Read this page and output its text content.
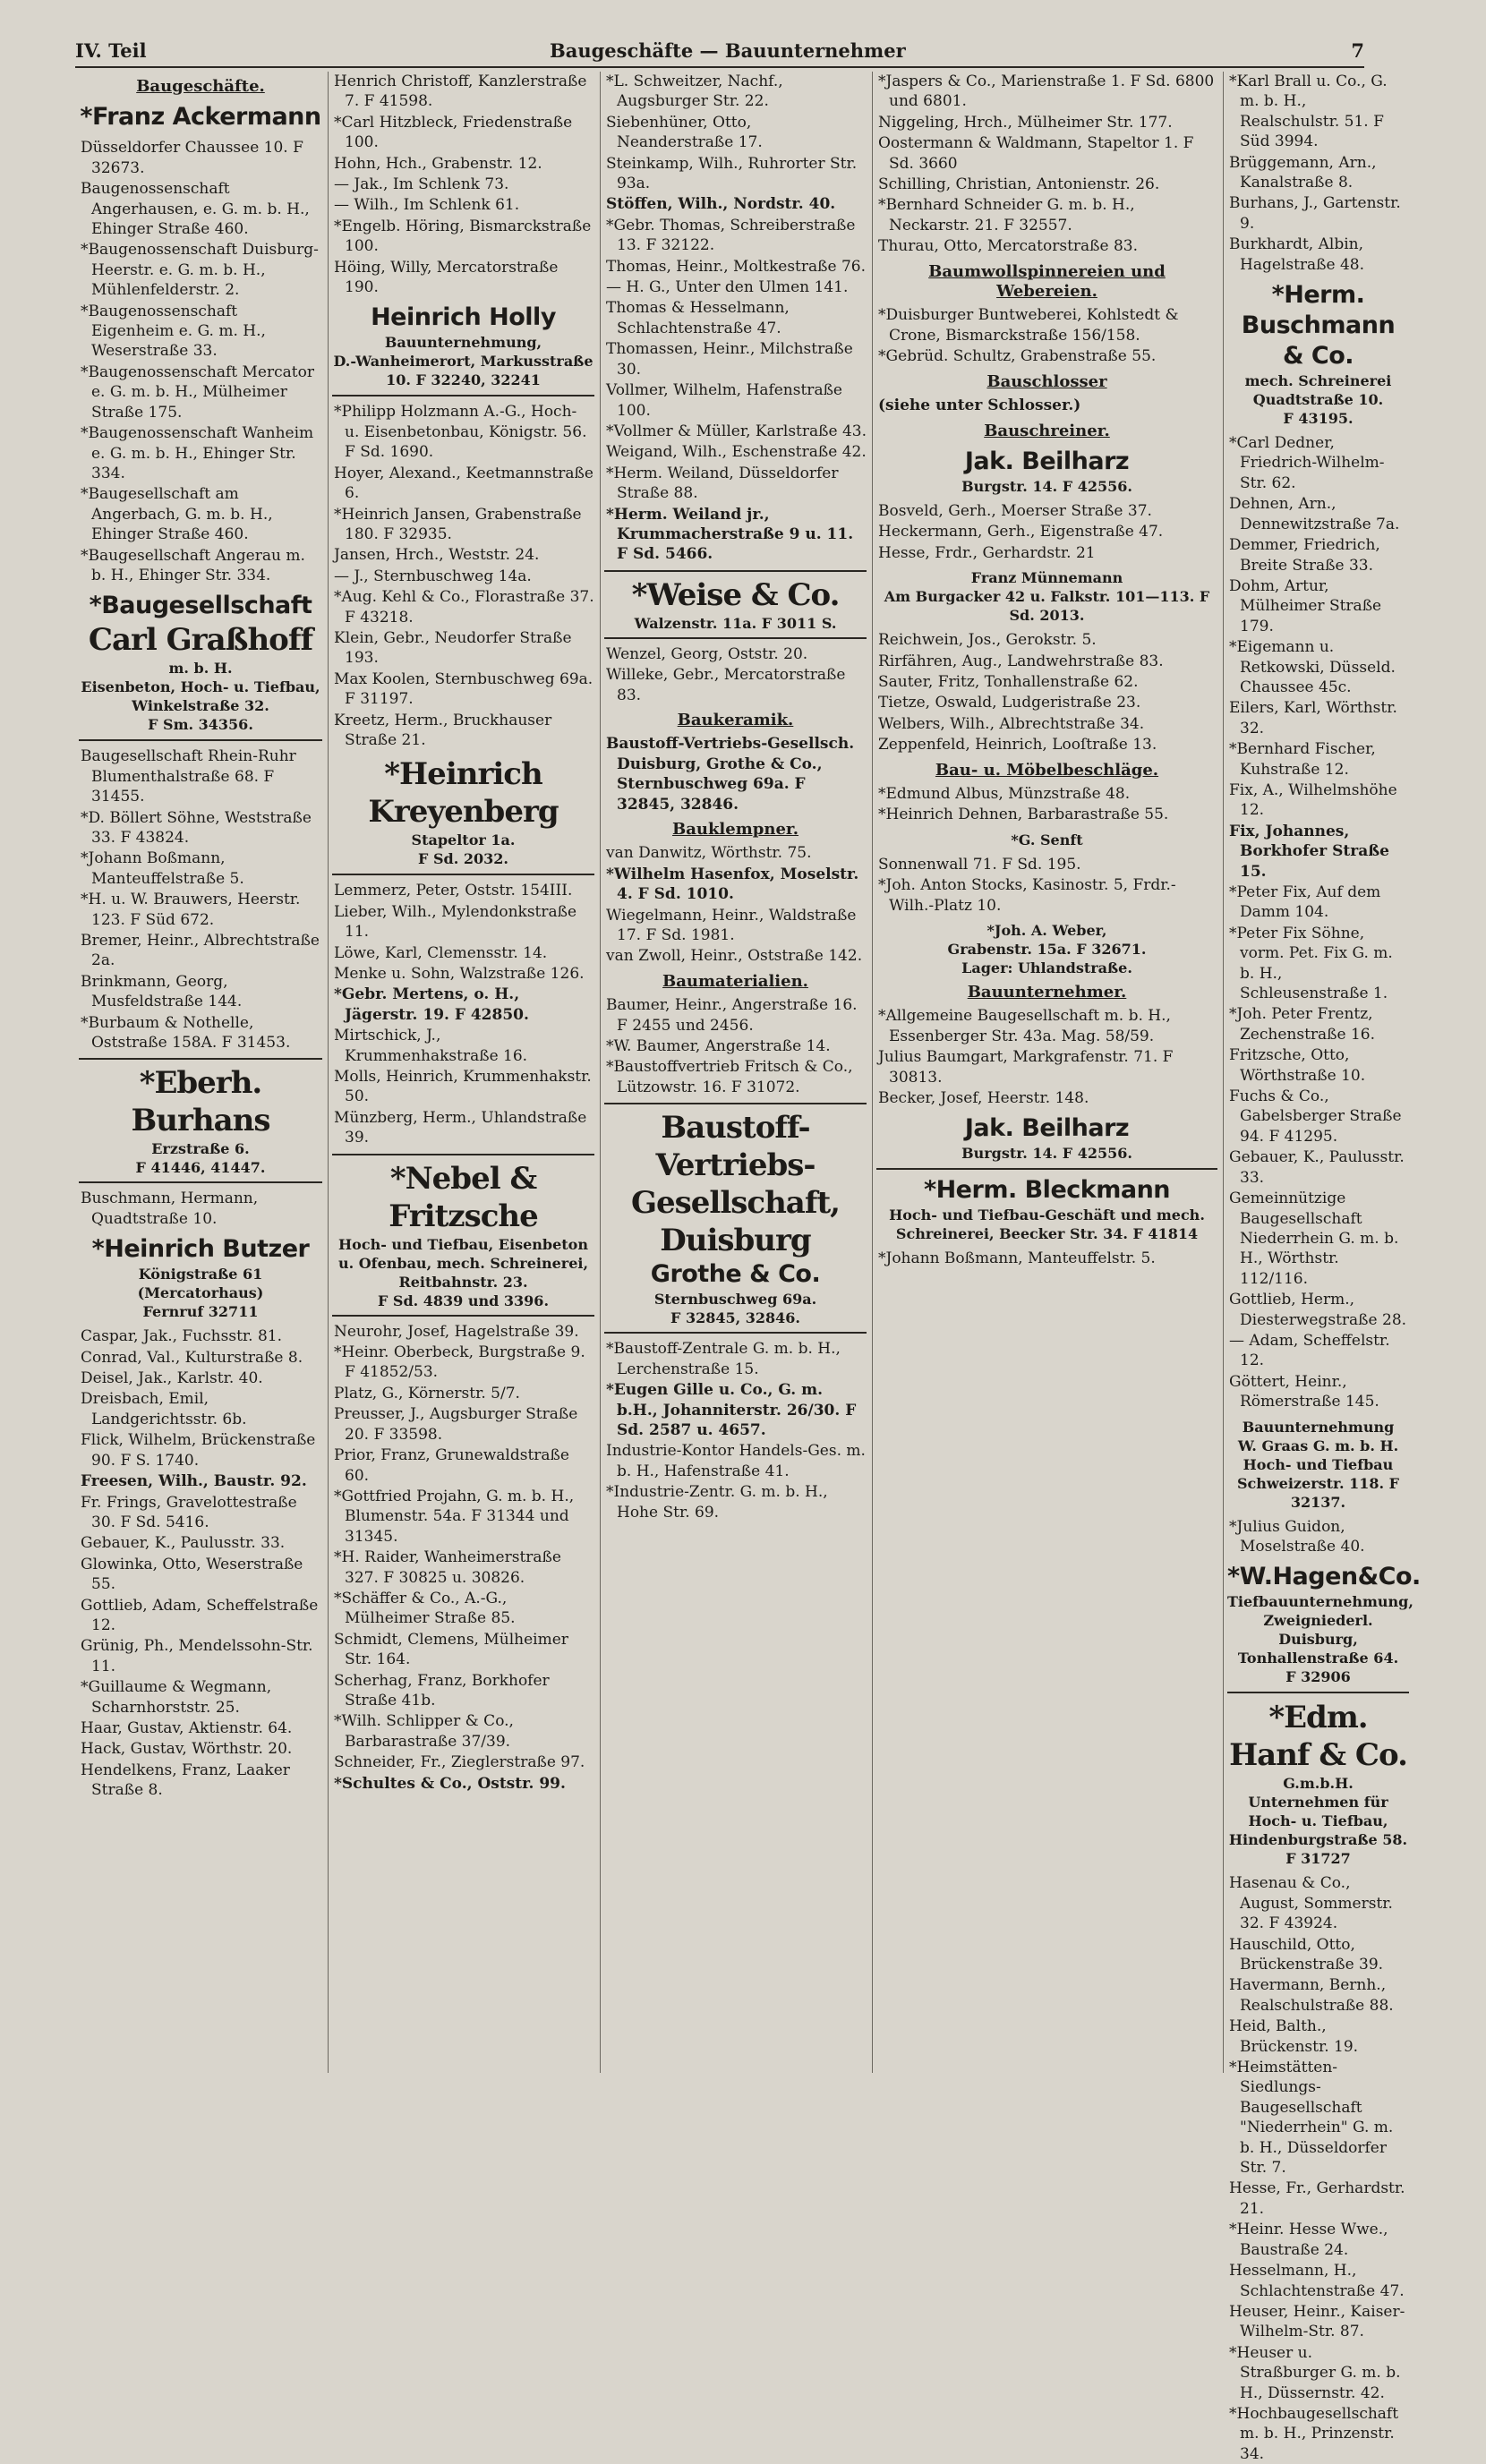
IV. Teil	Baugeschäfte — Bauunternehmer	7
Baugeschäfte.
*Franz Ackermann
Düsseldorfer Chaussee 10. F 32673.
Baugenossenschaft Angerhausen, e. G. m. b. H., Ehinger Straße 460.
*Baugenossenschaft Duisburg-Heerstr. e. G. m. b. H., Mühlenfelderstr. 2.
*Baugenossenschaft Eigenheim e. G. m. H., Weserstraße 33.
*Baugenossenschaft Mercator e. G. m. b. H., Mülheimer Straße 175.
*Baugenossenschaft Wanheim e. G. m. b. H., Ehinger Str. 334.
*Baugesellschaft am Angerbach, G. m. b. H., Ehinger Straße 460.
*Baugesellschaft Angerau m. b. H., Ehinger Str. 334.
*Baugesellschaft
Carl Graßhoff
m. b. H.
Eisenbeton, Hoch- u. Tiefbau, Winkelstraße 32.
F Sm. 34356.
Baugesellschaft Rhein-Ruhr Blumenthalstraße 68. F 31455.
*D. Böllert Söhne, Weststraße 33. F 43824.
*Johann Boßmann, Manteuffelstraße 5.
*H. u. W. Brauwers, Heerstr. 123. F Süd 672.
Bremer, Heinr., Albrechtstraße 2a.
Brinkmann, Georg, Musfeldstraße 144.
*Burbaum & Nothelle, Oststraße 158A. F 31453.
*Eberh. Burhans
Erzstraße 6.
F 41446, 41447.
Buschmann, Hermann, Quadtstraße 10.
*Heinrich Butzer
Königstraße 61
(Mercatorhaus)
Fernruf 32711
Caspar, Jak., Fuchsstr. 81.
Conrad, Val., Kulturstraße 8.
Deisel, Jak., Karlstr. 40.
Dreisbach, Emil, Landgerichtsstr. 6b.
Flick, Wilhelm, Brückenstraße 90. F S. 1740.
Freesen, Wilh., Baustr. 92.
Fr. Frings, Gravelottestraße 30. F Sd. 5416.
Gebauer, K., Paulusstr. 33.
Glowinka, Otto, Weserstraße 55.
Gottlieb, Adam, Scheffelstraße 12.
Grünig, Ph., Mendelssohn-Str. 11.
*Guillaume & Wegmann, Scharnhorststr. 25.
Haar, Gustav, Aktienstr. 64.
Hack, Gustav, Wörthstr. 20.
Hendelkens, Franz, Laaker Straße 8.
Henrich Christoff, Kanzlerstraße 7. F 41598.
*Carl Hitzbleck, Friedenstraße 100.
Hohn, Hch., Grabenstr. 12.
— Jak., Im Schlenk 73.
— Wilh., Im Schlenk 61.
*Engelb. Höring, Bismarckstraße 100.
Höing, Willy, Mercatorstraße 190.
Heinrich Holly
Bauunternehmung,
D.-Wanheimerort, Markusstraße 10. F 32240, 32241
*Philipp Holzmann A.-G., Hoch- u. Eisenbetonbau, Königstr. 56. F Sd. 1690.
Hoyer, Alexand., Keetmannstraße 6.
*Heinrich Jansen, Grabenstraße 180. F 32935.
Jansen, Hrch., Weststr. 24.
— J., Sternbuschweg 14a.
*Aug. Kehl & Co., Florastraße 37. F 43218.
Klein, Gebr., Neudorfer Straße 193.
Max Koolen, Sternbuschweg 69a. F 31197.
Kreetz, Herm., Bruckhauser Straße 21.
*Heinrich Kreyenberg
Stapeltor 1a.
F Sd. 2032.
Lemmerz, Peter, Oststr. 154III.
Lieber, Wilh., Mylendonkstraße 11.
Löwe, Karl, Clemensstr. 14.
Menke u. Sohn, Walzstraße 126.
*Gebr. Mertens, o. H., Jägerstr. 19. F 42850.
Mirtschick, J., Krummenhakstraße 16.
Molls, Heinrich, Krummenhakstr. 50.
Münzberg, Herm., Uhlandstraße 39.
*Nebel & Fritzsche
Hoch- und Tiefbau, Eisenbeton u. Ofenbau, mech. Schreinerei, Reitbahnstr. 23.
F Sd. 4839 und 3396.
Neurohr, Josef, Hagelstraße 39.
*Heinr. Oberbeck, Burgstraße 9. F 41852/53.
Platz, G., Körnerstr. 5/7.
Preusser, J., Augsburger Straße 20. F 33598.
Prior, Franz, Grunewaldstraße 60.
*Gottfried Projahn, G. m. b. H., Blumenstr. 54a. F 31344 und 31345.
*H. Raider, Wanheimerstraße 327. F 30825 u. 30826.
*Schäffer & Co., A.-G., Mülheimer Straße 85.
Schmidt, Clemens, Mülheimer Str. 164.
Scherhag, Franz, Borkhofer Straße 41b.
*Wilh. Schlipper & Co., Barbarastraße 37/39.
Schneider, Fr., Zieglerstraße 97.
*Schultes & Co., Oststr. 99.
*L. Schweitzer, Nachf., Augsburger Str. 22.
Siebenhüner, Otto, Neanderstraße 17.
Steinkamp, Wilh., Ruhrorter Str. 93a.
Stöffen, Wilh., Nordstr. 40.
*Gebr. Thomas, Schreiberstraße 13. F 32122.
Thomas, Heinr., Moltkestraße 76.
— H. G., Unter den Ulmen 141.
Thomas & Hesselmann, Schlachtenstraße 47.
Thomassen, Heinr., Milchstraße 30.
Vollmer, Wilhelm, Hafenstraße 100.
*Vollmer & Müller, Karlstraße 43.
Weigand, Wilh., Eschenstraße 42.
*Herm. Weiland, Düsseldorfer Straße 88.
*Herm. Weiland jr., Krummacherstraße 9 u. 11. F Sd. 5466.
*Weise & Co.
Walzenstr. 11a. F 3011 S.
Wenzel, Georg, Oststr. 20.
Willeke, Gebr., Mercatorstraße 83.
Baukeramik.
Baustoff-Vertriebs-Gesellsch. Duisburg, Grothe & Co., Sternbuschweg 69a. F 32845, 32846.
Bauklempner.
van Danwitz, Wörthstr. 75.
*Wilhelm Hasenfox, Moselstr. 4. F Sd. 1010.
Wiegelmann, Heinr., Waldstraße 17. F Sd. 1981.
van Zwoll, Heinr., Oststraße 142.
Baumaterialien.
Baumer, Heinr., Angerstraße 16. F 2455 und 2456.
*W. Baumer, Angerstraße 14.
*Baustoffvertrieb Fritsch & Co., Lützowstr. 16. F 31072.
Baustoff-Vertriebs-Gesellschaft, Duisburg
Grothe & Co.
Sternbuschweg 69a.
F 32845, 32846.
*Baustoff-Zentrale G. m. b. H., Lerchenstraße 15.
*Eugen Gille u. Co., G. m. b.H., Johanniterstr. 26/30. F Sd. 2587 u. 4657.
Industrie-Kontor Handels-Ges. m. b. H., Hafenstraße 41.
*Industrie-Zentr. G. m. b. H., Hohe Str. 69.
*Jaspers & Co., Marienstraße 1. F Sd. 6800 und 6801.
Niggeling, Hrch., Mülheimer Str. 177.
Oostermann & Waldmann, Stapeltor 1. F Sd. 3660
Schilling, Christian, Antonienstr. 26.
*Bernhard Schneider G. m. b. H., Neckarstr. 21. F 32557.
Thurau, Otto, Mercatorstraße 83.
Baumwollspinnereien und Webereien.
*Duisburger Buntweberei, Kohlstedt & Crone, Bismarckstraße 156/158.
*Gebrüd. Schultz, Grabenstraße 55.
Bauschlosser
(siehe unter Schlosser.)
Bauschreiner.
Jak. Beilharz
Burgstr. 14. F 42556.
Bosveld, Gerh., Moerser Straße 37.
Heckermann, Gerh., Eigenstraße 47.
Hesse, Frdr., Gerhardstr. 21
Franz Münnemann
Am Burgacker 42 u. Falkstr. 101—113. F Sd. 2013.
Reichwein, Jos., Gerokstr. 5.
Rirfähren, Aug., Landwehrstraße 83.
Sauter, Fritz, Tonhallenstraße 62.
Tietze, Oswald, Ludgeristraße 23.
Welbers, Wilh., Albrechtstraße 34.
Zeppenfeld, Heinrich, Looſtraße 13.
Bau- u. Möbelbeschläge.
*Edmund Albus, Münzstraße 48.
*Heinrich Dehnen, Barbarastraße 55.
*G. Senft
Sonnenwall 71. F Sd. 195.
*Joh. Anton Stocks, Kasinostr. 5, Frdr.-Wilh.-Platz 10.
*Joh. A. Weber,
Grabenstr. 15a. F 32671.
Lager: Uhlandstraße.
Bauunternehmer.
*Allgemeine Baugesellschaft m. b. H., Essenberger Str. 43a. Mag. 58/59.
Julius Baumgart, Markgrafenstr. 71. F 30813.
Becker, Josef, Heerstr. 148.
Jak. Beilharz
Burgstr. 14. F 42556.
*Herm. Bleckmann
Hoch- und Tiefbau-Geschäft und mech. Schreinerei, Beecker Str. 34. F 41814
*Johann Boßmann, Manteuffelstr. 5.
*Karl Brall u. Co., G. m. b. H., Realschulstr. 51. F Süd 3994.
Brüggemann, Arn., Kanalstraße 8.
Burhans, J., Gartenstr. 9.
Burkhardt, Albin, Hagelstraße 48.
*Herm. Buschmann & Co.
mech. Schreinerei
Quadtstraße 10.
F 43195.
*Carl Dedner, Friedrich-Wilhelm-Str. 62.
Dehnen, Arn., Dennewitzstraße 7a.
Demmer, Friedrich, Breite Straße 33.
Dohm, Artur, Mülheimer Straße 179.
*Eigemann u. Retkowski, Düsseld. Chaussee 45c.
Eilers, Karl, Wörthstr. 32.
*Bernhard Fischer, Kuhstraße 12.
Fix, A., Wilhelmshöhe 12.
Fix, Johannes, Borkhofer Straße 15.
*Peter Fix, Auf dem Damm 104.
*Peter Fix Söhne, vorm. Pet. Fix G. m. b. H., Schleusenstraße 1.
*Joh. Peter Frentz, Zechenstraße 16.
Fritzsche, Otto, Wörthstraße 10.
Fuchs & Co., Gabelsberger Straße 94. F 41295.
Gebauer, K., Paulusstr. 33.
Gemeinnützige Baugesellschaft Niederrhein G. m. b. H., Wörthstr. 112/116.
Gottlieb, Herm., Diesterwegstraße 28.
— Adam, Scheffelstr. 12.
Göttert, Heinr., Römerstraße 145.
Bauunternehmung
W. Graas G. m. b. H.
Hoch- und Tiefbau
Schweizerstr. 118. F 32137.
*Julius Guidon, Moselstraße 40.
*W.Hagen&Co.
Tiefbauunternehmung, Zweigniederl. Duisburg, Tonhallenstraße 64.
F 32906
*Edm. Hanf & Co.
G.m.b.H. Unternehmen für Hoch- u. Tiefbau, Hindenburgstraße 58. F 31727
Hasenau & Co., August, Sommerstr. 32. F 43924.
Hauschild, Otto, Brückenstraße 39.
Havermann, Bernh., Realschulstraße 88.
Heid, Balth., Brückenstr. 19.
*Heimstätten-Siedlungs-Baugesellschaft "Niederrhein" G. m. b. H., Düsseldorfer Str. 7.
Hesse, Fr., Gerhardstr. 21.
*Heinr. Hesse Wwe., Baustraße 24.
Hesselmann, H., Schlachtenstraße 47.
Heuser, Heinr., Kaiser-Wilhelm-Str. 87.
*Heuser u. Straßburger G. m. b. H., Düssernstr. 42.
*Hochbaugesellschaft m. b. H., Prinzenstr. 34.
